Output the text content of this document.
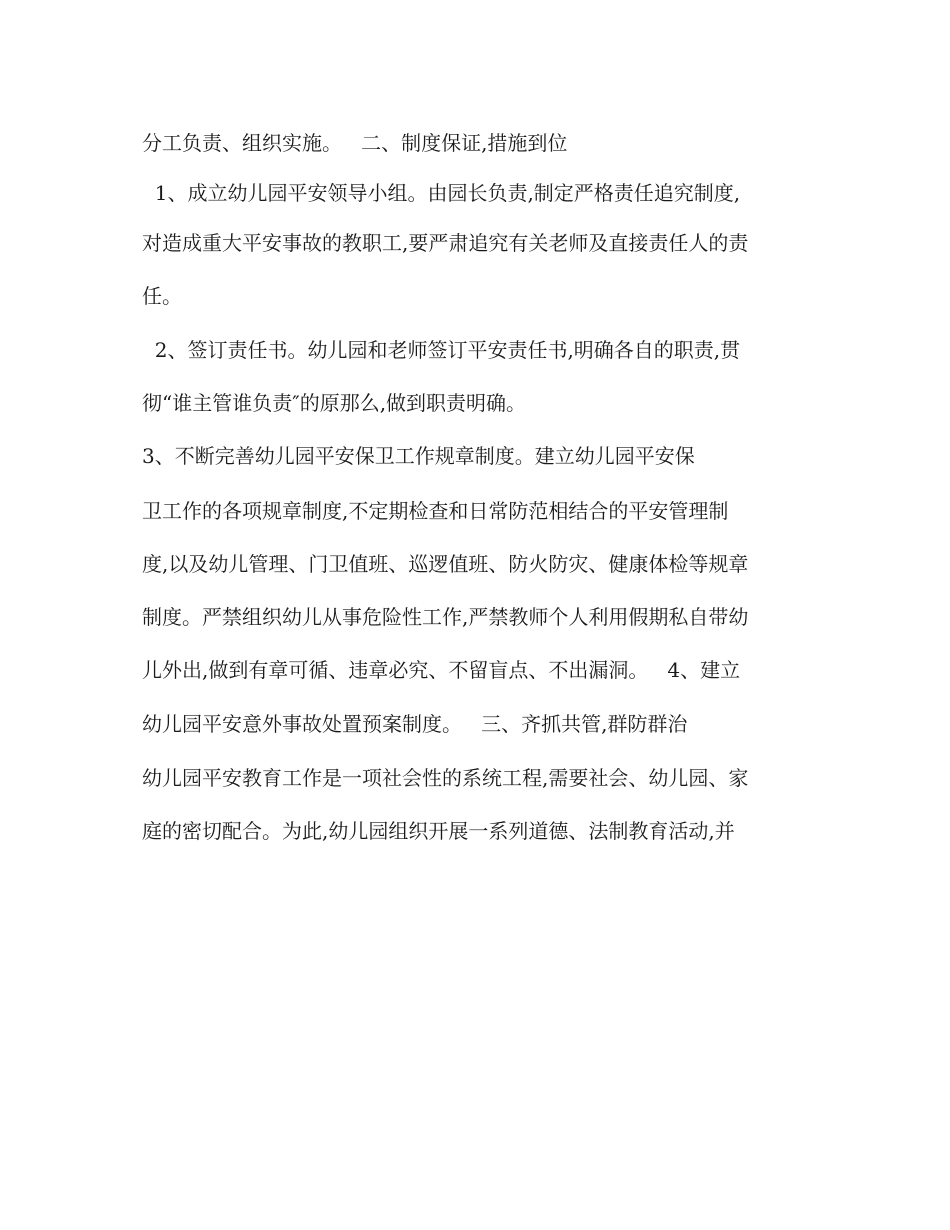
分工负责、组织实施。   二、制度保证,措施到位

1、成立幼儿园平安领导小组。由园长负责,制定严格责任追究制度,

对造成重大平安事故的教职工,要严肃追究有关老师及直接责任人的责

任。

2、签订责任书。幼儿园和老师签订平安责任书,明确各自的职责,贯

彻“谁主管谁负责″的原那么,做到职责明确。

3、不断完善幼儿园平安保卫工作规章制度。建立幼儿园平安保

卫工作的各项规章制度,不定期检查和日常防范相结合的平安管理制

度,以及幼儿管理、门卫值班、巡逻值班、防火防灾、健康体检等规章

制度。严禁组织幼儿从事危险性工作,严禁教师个人利用假期私自带幼

儿外出,做到有章可循、违章必究、不留盲点、不出漏洞。   4、建立

幼儿园平安意外事故处置预案制度。   三、齐抓共管,群防群治

幼儿园平安教育工作是一项社会性的系统工程,需要社会、幼儿园、家

庭的密切配合。为此,幼儿园组织开展一系列道德、法制教育活动,并
